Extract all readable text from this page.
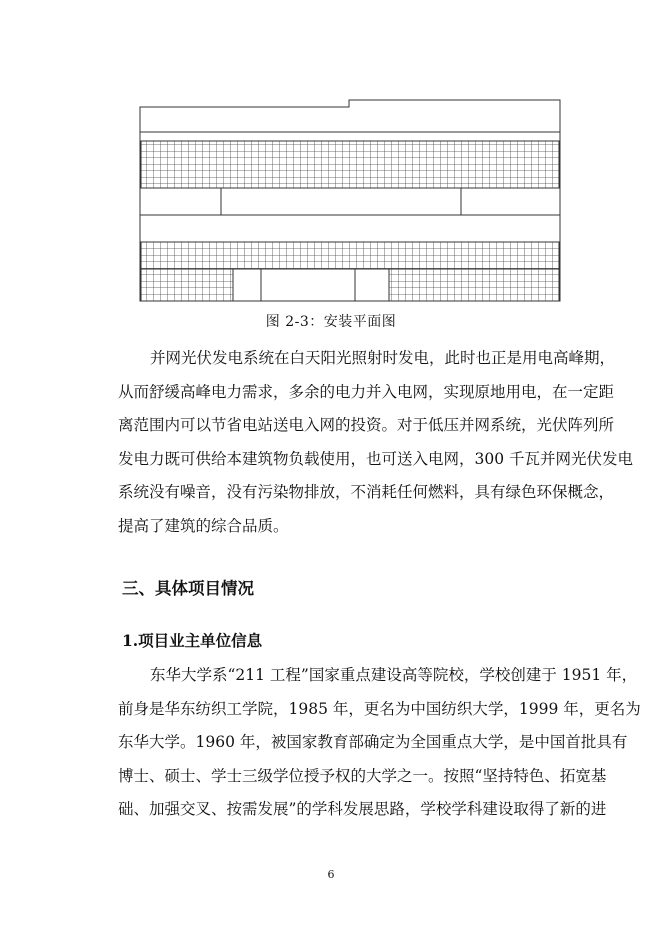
图 2-3：安装平面图

并网光伏发电系统在白天阳光照射时发电，此时也正是用电高峰期，
从而舒缓高峰电力需求，多余的电力并入电网，实现原地用电，在一定距
离范围内可以节省电站送电入网的投资。对于低压并网系统，光伏阵列所
发电力既可供给本建筑物负载使用，也可送入电网，300 千瓦并网光伏发电
系统没有噪音，没有污染物排放，不消耗任何燃料，具有绿色环保概念，
提高了建筑的综合品质。

三、具体项目情况
1.项目业主单位信息

东华大学系“211 工程”国家重点建设高等院校，学校创建于 1951 年，
前身是华东纺织工学院，1985 年，更名为中国纺织大学，1999 年，更名为
东华大学。1960 年，被国家教育部确定为全国重点大学，是中国首批具有
博士、硕士、学士三级学位授予权的大学之一。按照“坚持特色、拓宽基
础、加强交叉、按需发展”的学科发展思路，学校学科建设取得了新的进

6
